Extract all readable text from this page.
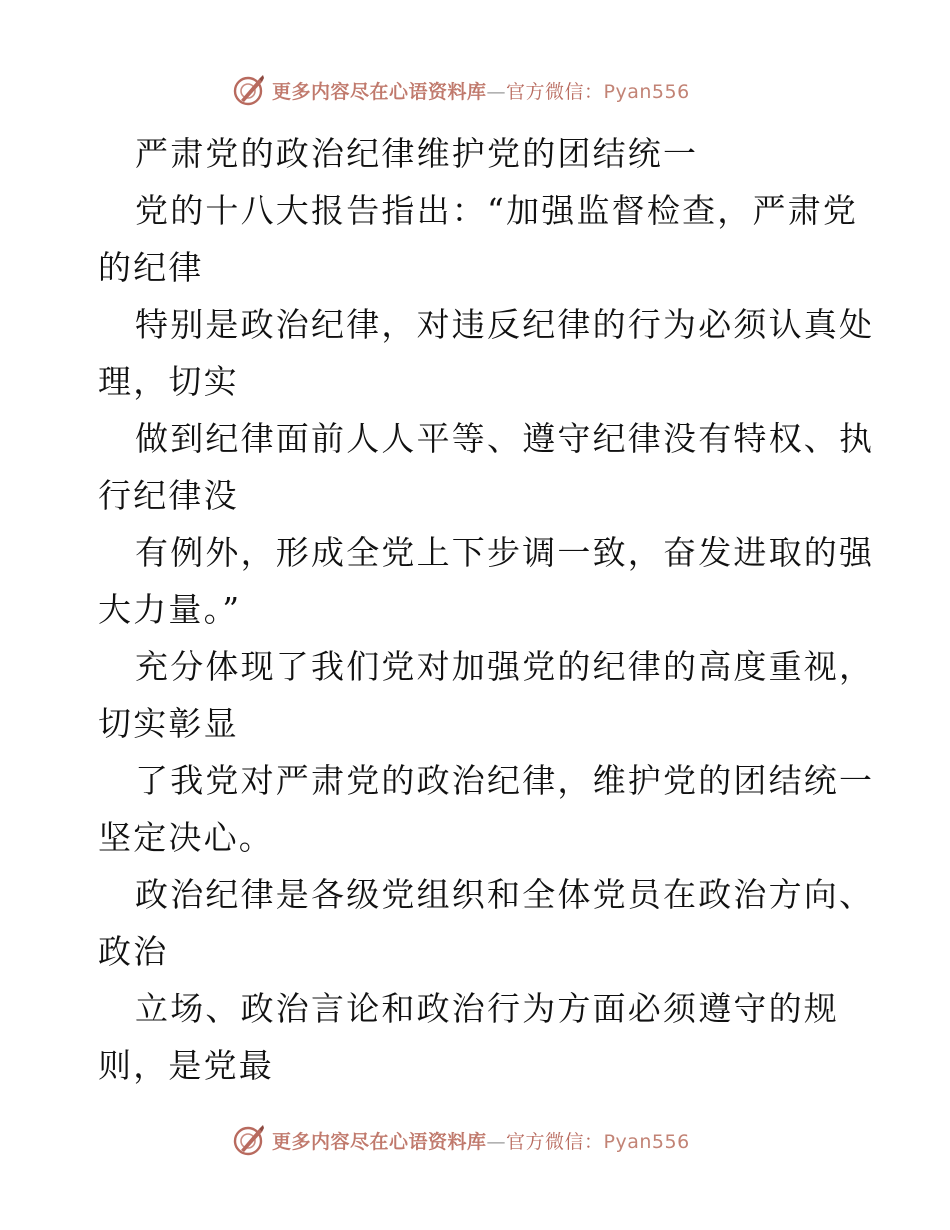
更多内容尽在心语资料库—官方微信：Pyan556
严肃党的政治纪律维护党的团结统一
党的十八大报告指出：“加强监督检查，严肃党
的纪律
特别是政治纪律，对违反纪律的行为必须认真处
理，切实
做到纪律面前人人平等、遵守纪律没有特权、执
行纪律没
有例外，形成全党上下步调一致，奋发进取的强
大力量。”
充分体现了我们党对加强党的纪律的高度重视，
切实彰显
了我党对严肃党的政治纪律，维护党的团结统一
坚定决心。
政治纪律是各级党组织和全体党员在政治方向、
政治
立场、政治言论和政治行为方面必须遵守的规
则，是党最
更多内容尽在心语资料库—官方微信：Pyan556
